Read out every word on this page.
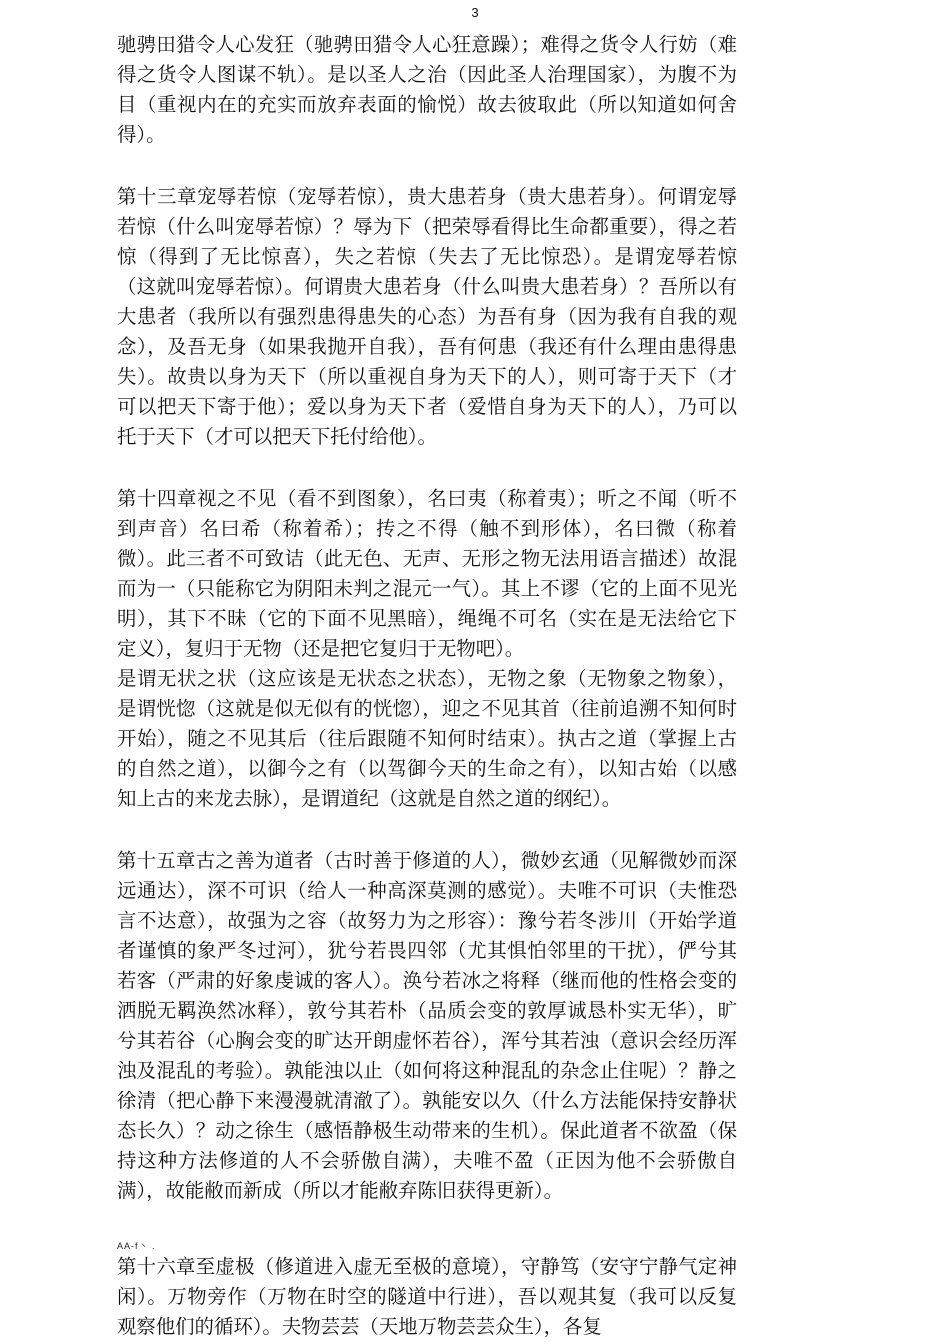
3

驰骋田猎令人心发狂（驰骋田猎令人心狂意躁）；难得之货令人行妨（难得之货令人图谋不轨）。是以圣人之治（因此圣人治理国家），为腹不为目（重视内在的充实而放弃表面的愉悦）故去彼取此（所以知道如何舍得）。

第十三章宠辱若惊（宠辱若惊），贵大患若身（贵大患若身）。何谓宠辱若惊（什么叫宠辱若惊）？辱为下（把荣辱看得比生命都重要），得之若惊（得到了无比惊喜），失之若惊（失去了无比惊恐）。是谓宠辱若惊（这就叫宠辱若惊）。何谓贵大患若身（什么叫贵大患若身）？吾所以有大患者（我所以有强烈患得患失的心态）为吾有身（因为我有自我的观念），及吾无身（如果我抛开自我），吾有何患（我还有什么理由患得患失）。故贵以身为天下（所以重视自身为天下的人），则可寄于天下（才可以把天下寄于他）；爱以身为天下者（爱惜自身为天下的人），乃可以托于天下（才可以把天下托付给他）。

第十四章视之不见（看不到图象），名曰夷（称着夷）；听之不闻（听不到声音）名曰希（称着希）；抟之不得（触不到形体），名曰微（称着微）。此三者不可致诘（此无色、无声、无形之物无法用语言描述）故混而为一（只能称它为阴阳未判之混元一气）。其上不谬（它的上面不见光明），其下不昧（它的下面不见黑暗），绳绳不可名（实在是无法给它下定义），复归于无物（还是把它复归于无物吧）。

是谓无状之状（这应该是无状态之状态），无物之象（无物象之物象），是谓恍惚（这就是似无似有的恍惚），迎之不见其首（往前追溯不知何时开始），随之不见其后（往后跟随不知何时结束）。执古之道（掌握上古的自然之道），以御今之有（以驾御今天的生命之有），以知古始（以感知上古的来龙去脉），是谓道纪（这就是自然之道的纲纪）。

第十五章古之善为道者（古时善于修道的人），微妙玄通（见解微妙而深远通达），深不可识（给人一种高深莫测的感觉）。夫唯不可识（夫惟恐言不达意），故强为之容（故努力为之形容）：豫兮若冬涉川（开始学道者谨慎的象严冬过河），犹兮若畏四邻（尤其惧怕邻里的干扰），俨兮其若客（严肃的好象虔诚的客人）。涣兮若冰之将释（继而他的性格会变的洒脱无羁涣然冰释），敦兮其若朴（品质会变的敦厚诚恳朴实无华），旷兮其若谷（心胸会变的旷达开朗虚怀若谷），浑兮其若浊（意识会经历浑浊及混乱的考验）。孰能浊以止（如何将这种混乱的杂念止住呢）？静之徐清（把心静下来漫漫就清澈了）。孰能安以久（什么方法能保持安静状态长久）？动之徐生（感悟静极生动带来的生机）。保此道者不欲盈（保持这种方法修道的人不会骄傲自满），夫唯不盈（正因为他不会骄傲自满），故能敝而新成（所以才能敝弃陈旧获得更新）。

AA-f丶 .

第十六章至虚极（修道进入虚无至极的意境），守静笃（安守宁静气定神闲）。万物旁作（万物在时空的隧道中行进），吾以观其复（我可以反复观察他们的循环）。夫物芸芸（天地万物芸芸众生），各复
